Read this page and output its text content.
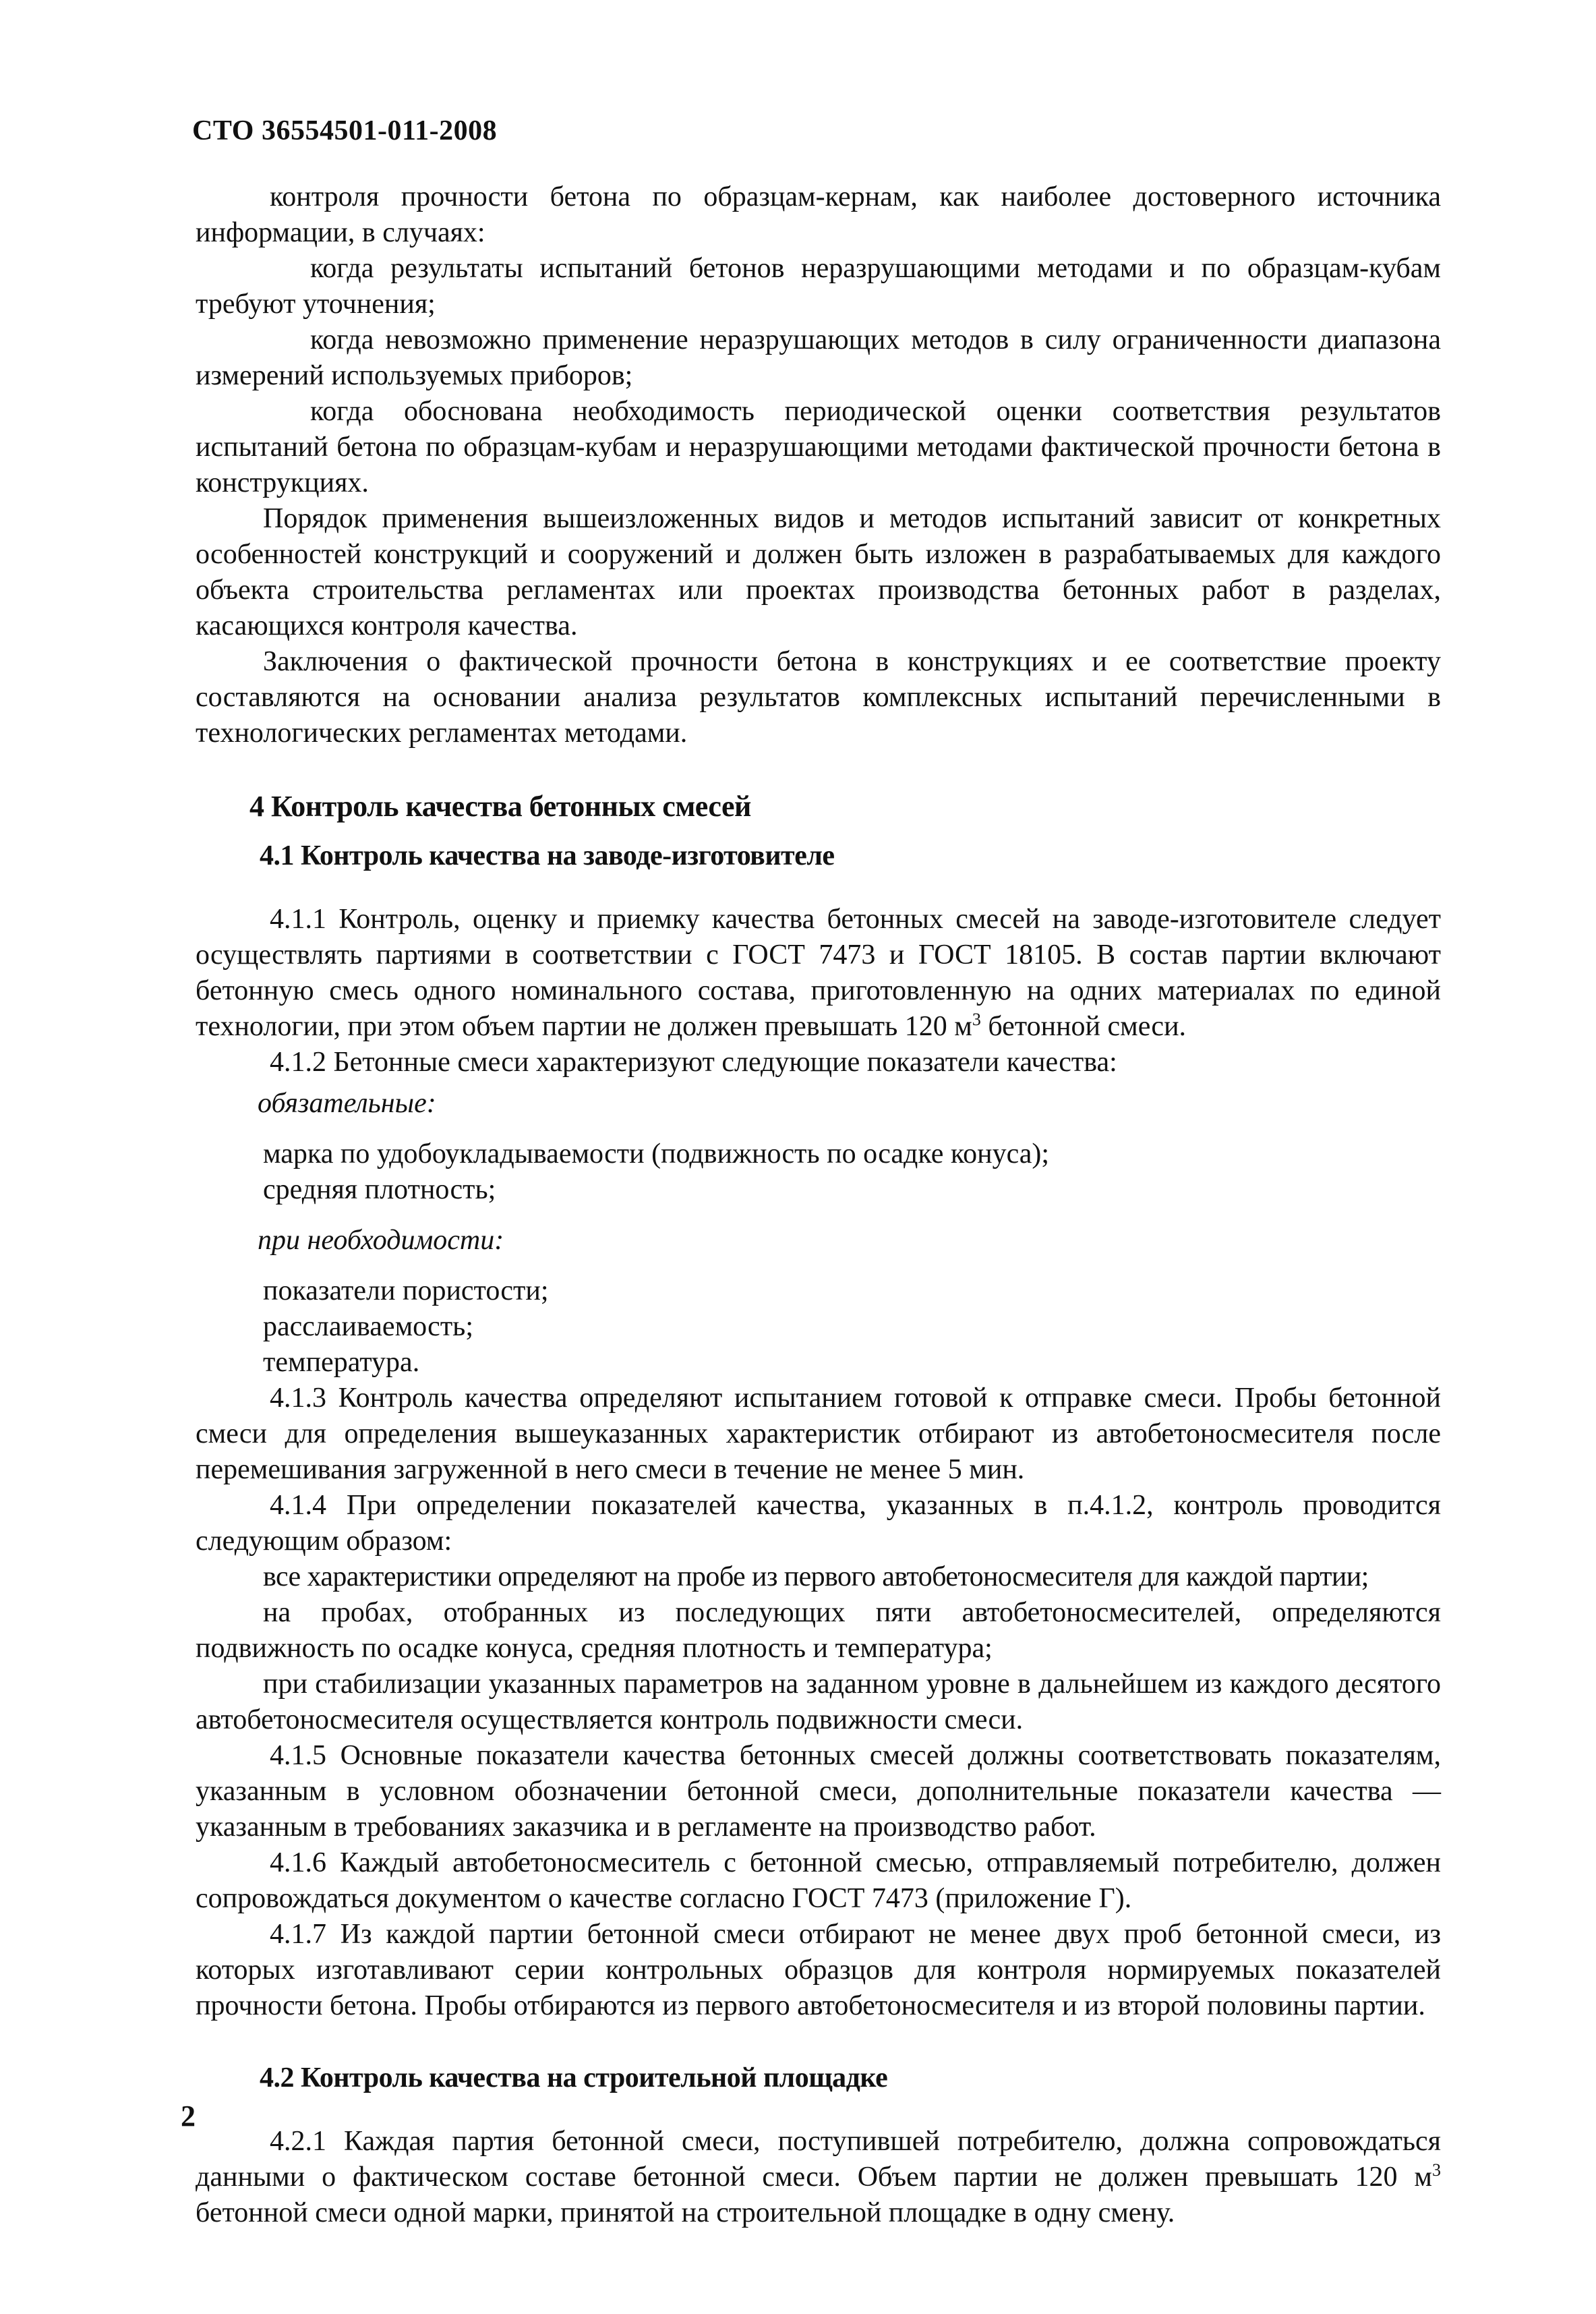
СТО 36554501-011-2008

контроля прочности бетона по образцам-кернам, как наиболее достоверного источника информации, в случаях:

когда результаты испытаний бетонов неразрушающими методами и по образцам-кубам требуют уточнения;

когда невозможно применение неразрушающих методов в силу ограниченности диапазона измерений используемых приборов;

когда обоснована необходимость периодической оценки соответствия результатов испытаний бетона по образцам-кубам и неразрушающими методами фактической прочности бетона в конструкциях.

Порядок применения вышеизложенных видов и методов испытаний зависит от конкретных особенностей конструкций и сооружений и должен быть изложен в разрабатываемых для каждого объекта строительства регламентах или проектах производства бетонных работ в разделах, касающихся контроля качества.

Заключения о фактической прочности бетона в конструкциях и ее соответствие проекту составляются на основании анализа результатов комплексных испытаний перечисленными в технологических регламентах методами.

4 Контроль качества бетонных смесей
4.1 Контроль качества на заводе-изготовителе

4.1.1 Контроль, оценку и приемку качества бетонных смесей на заводе-изготовителе следует осуществлять партиями в соответствии с ГОСТ 7473 и ГОСТ 18105. В состав партии включают бетонную смесь одного номинального состава, приготовленную на одних материалах по единой технологии, при этом объем партии не должен превышать 120 $м^3$ бетонной смеси.

4.1.2 Бетонные смеси характеризуют следующие показатели качества:

обязательные:

марка по удобоукладываемости (подвижность по осадке конуса);

средняя плотность;

при необходимости:

показатели пористости;

расслаиваемость;

температура.

4.1.3 Контроль качества определяют испытанием готовой к отправке смеси. Пробы бетонной смеси для определения вышеуказанных характеристик отбирают из автобетоносмесителя после перемешивания загруженной в него смеси в течение не менее 5 мин.

4.1.4 При определении показателей качества, указанных в п.4.1.2, контроль проводится следующим образом:

все характеристики определяют на пробе из первого автобетоносмесителя для каждой партии;

на пробах, отобранных из последующих пяти автобетоносмесителей, определяются подвижность по осадке конуса, средняя плотность и температура;

при стабилизации указанных параметров на заданном уровне в дальнейшем из каждого десятого автобетоносмесителя осуществляется контроль подвижности смеси.

4.1.5 Основные показатели качества бетонных смесей должны соответствовать показателям, указанным в условном обозначении бетонной смеси, дополнительные показатели качества — указанным в требованиях заказчика и в регламенте на производство работ.

4.1.6 Каждый автобетоносмеситель с бетонной смесью, отправляемый потребителю, должен сопровождаться документом о качестве согласно ГОСТ 7473 (приложение Г).

4.1.7 Из каждой партии бетонной смеси отбирают не менее двух проб бетонной смеси, из которых изготавливают серии контрольных образцов для контроля нормируемых показателей прочности бетона. Пробы отбираются из первого автобетоносмесителя и из второй половины партии.

4.2 Контроль качества на строительной площадке

4.2.1 Каждая партия бетонной смеси, поступившей потребителю, должна сопровождаться данными о фактическом составе бетонной смеси. Объем партии не должен превышать 120 $м^3$ бетонной смеси одной марки, принятой на строительной площадке в одну смену.

2
